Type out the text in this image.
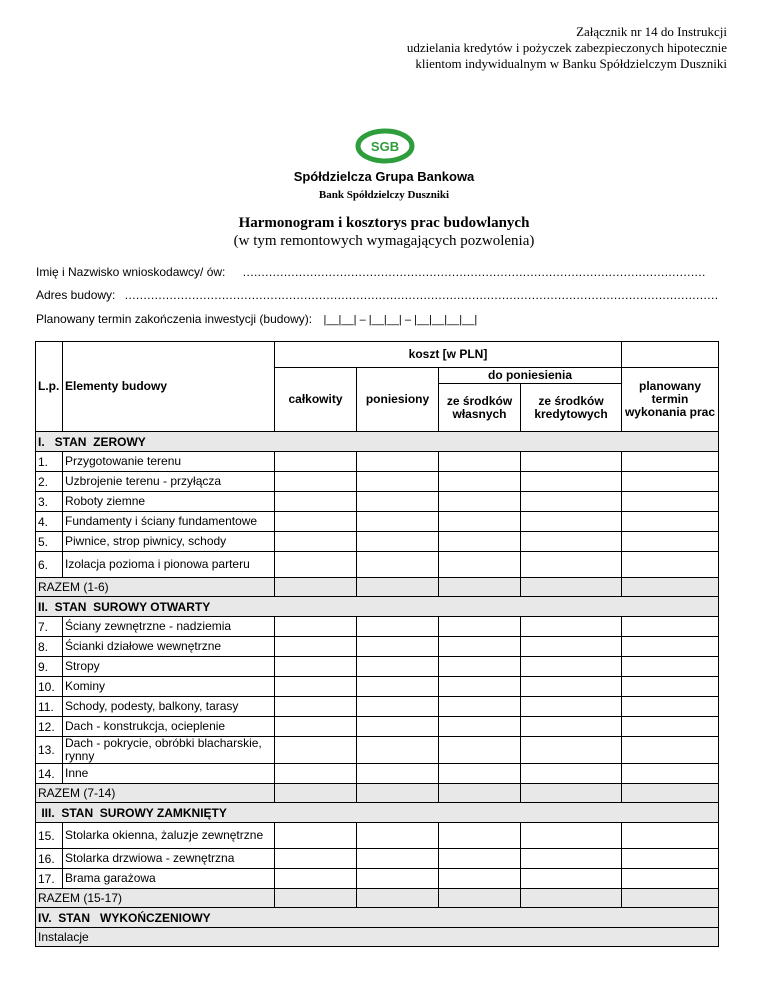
Załącznik nr 14 do Instrukcji
udzielania kredytów i pożyczek zabezpieczonych hipotecznie
klientom indywidualnym w Banku Spółdzielczym Duszniki
SGB
Spółdzielcza Grupa Bankowa
Bank Spółdzielczy Duszniki
Harmonogram i kosztorys prac budowlanych
(w tym remontowych wymagających pozwolenia)
Imię i Nazwisko wnioskodawcy/ ów: .....
Adres budowy: .....
Planowany termin zakończenia inwestycji (budowy): |__|__| – |__|__| – |__|__|__|__|
L.p.	Elementy budowy	koszt [w PLN]				
		całkowity	poniesiony	do poniesienia		planowany termin wykonania prac
				ze środków własnych	ze środków kredytowych	
I.   STAN  ZEROWY						
1.	Przygotowanie terenu					
2.	Uzbrojenie terenu - przyłącza					
3.	Roboty ziemne					
4.	Fundamenty i ściany fundamentowe					
5.	Piwnice, strop piwnicy, schody					
6.	Izolacja pozioma i pionowa parteru					
RAZEM (1-6)						
II.  STAN  SUROWY OTWARTY						
7.	Ściany zewnętrzne - nadziemia					
8.	Ścianki działowe wewnętrzne					
9.	Stropy					
10.	Kominy					
11.	Schody, podesty, balkony, tarasy					
12.	Dach - konstrukcja, ocieplenie					
13.	Dach - pokrycie, obróbki blacharskie, rynny					
14.	Inne					
RAZEM (7-14)						
III.  STAN  SUROWY ZAMKNIĘTY						
15.	Stolarka okienna, żaluzje zewnętrzne					
16.	Stolarka drzwiowa - zewnętrzna					
17.	Brama garażowa					
RAZEM (15-17)						
IV.  STAN   WYKOŃCZENIOWY						
Instalacje						
